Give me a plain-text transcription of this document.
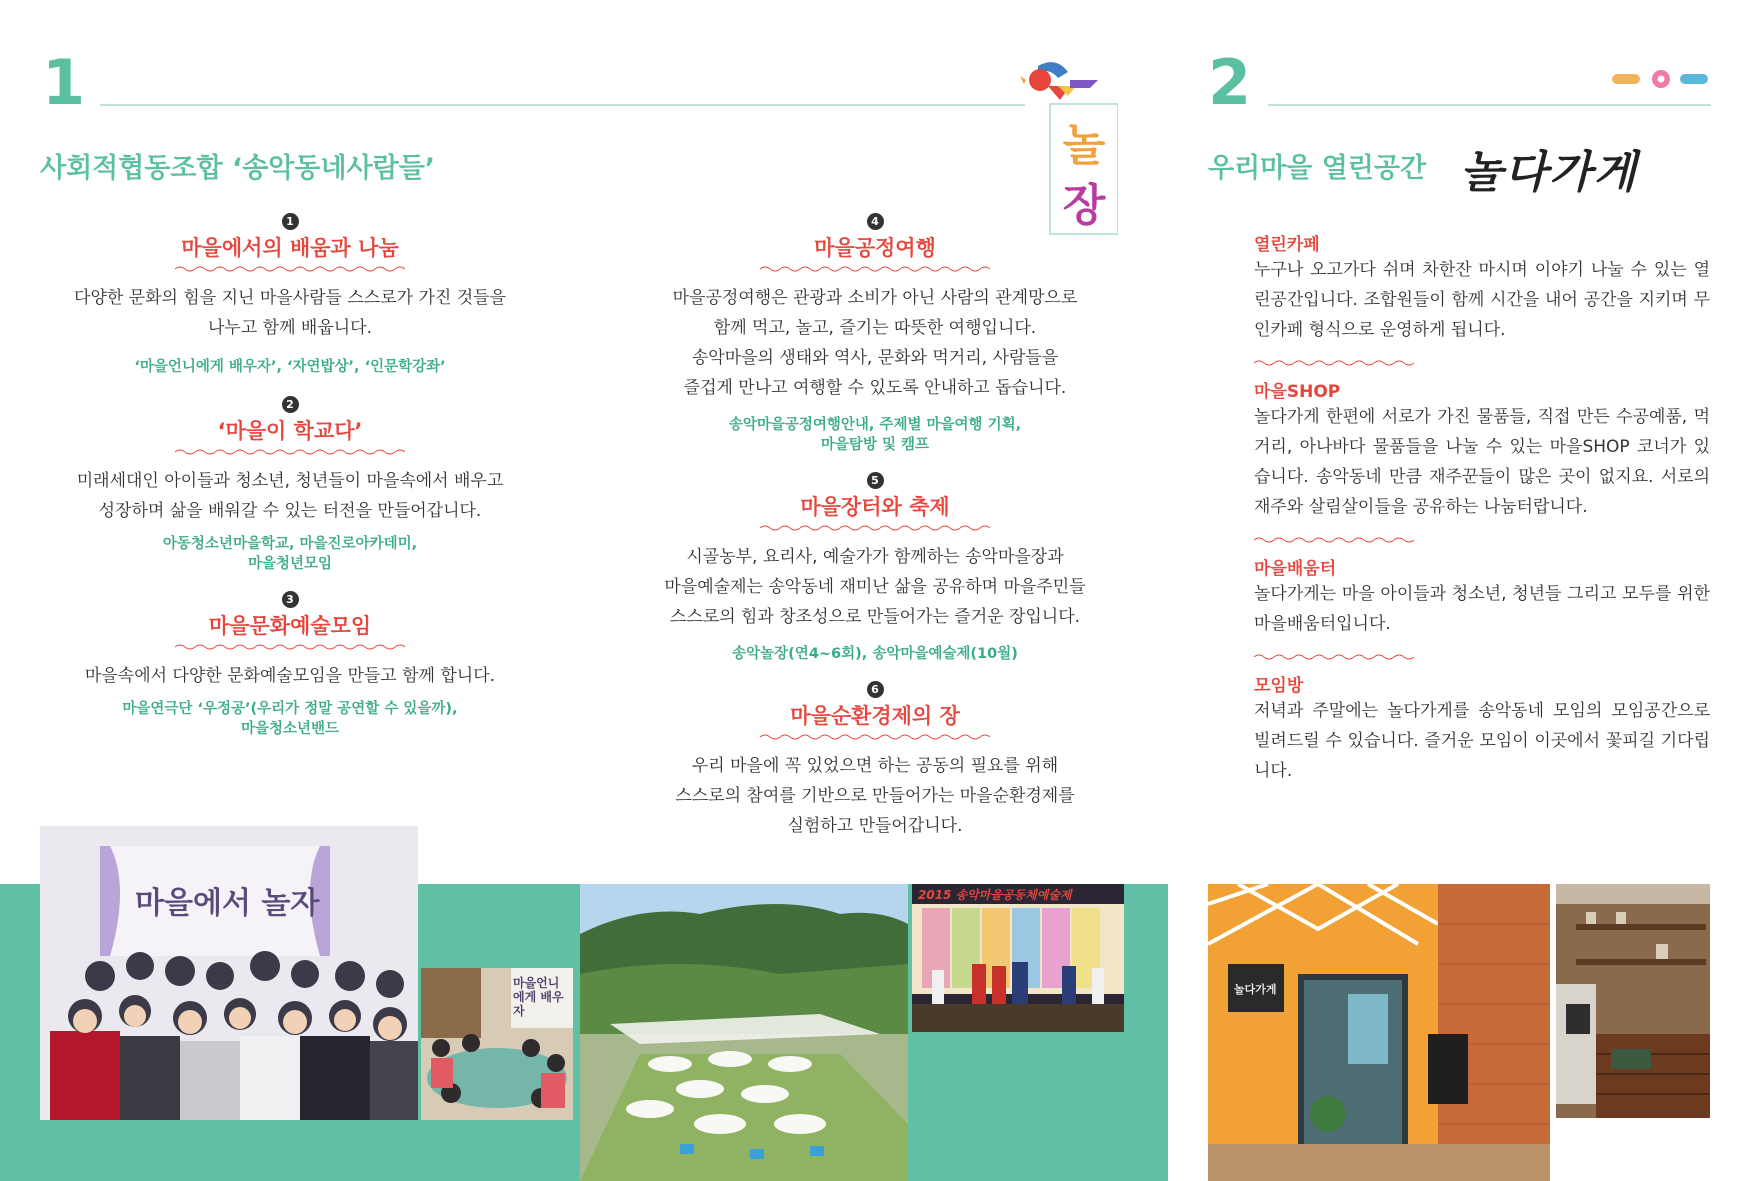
1
사회적협동조합 ‘송악동네사람들’	놀
장
1
마을에서의 배움과 나눔
다양한 문화의 힘을 지닌 마을사람들 스스로가 가진 것들을
나누고 함께 배웁니다.
‘마을언니에게 배우자’, ‘자연밥상’, ‘인문학강좌’
2
‘마을이 학교다’
미래세대인 아이들과 청소년, 청년들이 마을속에서 배우고
성장하며 삶을 배워갈 수 있는 터전을 만들어갑니다.
아동청소년마을학교, 마을진로아카데미,
마을청년모임
3
마을문화예술모임
마을속에서 다양한 문화예술모임을 만들고 함께 합니다.
마을연극단 ‘우정공’(우리가 정말 공연할 수 있을까),
마을청소년밴드
4
마을공정여행
마을공정여행은 관광과 소비가 아닌 사람의 관계망으로
함께 먹고, 놀고, 즐기는 따뜻한 여행입니다.
송악마을의 생태와 역사, 문화와 먹거리, 사람들을
즐겁게 만나고 여행할 수 있도록 안내하고 돕습니다.
송악마을공정여행안내, 주제별 마을여행 기획,
마을탐방 및 캠프
5
마을장터와 축제
시골농부, 요리사, 예술가가 함께하는 송악마을장과
마을예술제는 송악동네 재미난 삶을 공유하며 마을주민들
스스로의 힘과 창조성으로 만들어가는 즐거운 장입니다.
송악놀장(연4~6회), 송악마을예술제(10월)
6
마을순환경제의 장
우리 마을에 꼭 있었으면 하는 공동의 필요를 위해
스스로의 참여를 기반으로 만들어가는 마을순환경제를
실험하고 만들어갑니다.
2
우리마을 열린공간 놀다가게
열린카페
누구나 오고가다 쉬며 차한잔 마시며 이야기 나눌 수 있는 열린공간입니다. 조합원들이 함께 시간을 내어 공간을 지키며 무인카페 형식으로 운영하게 됩니다.
마을SHOP
놀다가게 한편에 서로가 가진 물품들, 직접 만든 수공예품, 먹거리, 아나바다 물품들을 나눌 수 있는 마을SHOP 코너가 있습니다. 송악동네 만큼 재주꾼들이 많은 곳이 없지요. 서로의 재주와 살림살이들을 공유하는 나눔터랍니다.
마을배움터
놀다가게는 마을 아이들과 청소년, 청년들 그리고 모두를 위한 마을배움터입니다.
모임방
저녁과 주말에는 놀다가게를 송악동네 모임의 모임공간으로 빌려드릴 수 있습니다. 즐거운 모임이 이곳에서 꽃피길 기다립니다.
마을에서 놀자
마을언니에게 배우자
2015 송악마을공동체예술제
놀다가게
